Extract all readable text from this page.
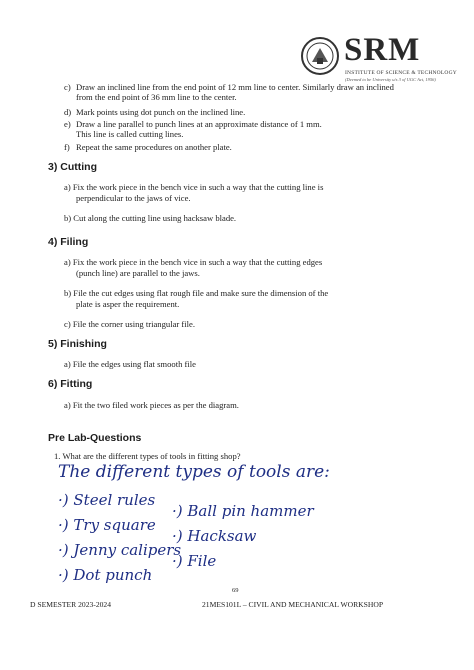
SRM
INSTITUTE OF SCIENCE & TECHNOLOGY
(Deemed to be University u/s 3 of UGC Act, 1956)
c) Draw an inclined line from the end point of 12 mm line to center. Similarly draw an inclined
from the end point of 36 mm line to the center.
d) Mark points using dot punch on the inclined line.
e) Draw a line parallel to punch lines at an approximate distance of 1 mm.
This line is called cutting lines.
f) Repeat the same procedures on another plate.
3) Cutting
a) Fix the work piece in the bench vice in such a way that the cutting line is
perpendicular to the jaws of vice.
b) Cut along the cutting line using hacksaw blade.
4) Filing
a) Fix the work piece in the bench vice in such a way that the cutting edges
(punch line) are parallel to the jaws.
b) File the cut edges using flat rough file and make sure the dimension of the
plate is asper the requirement.
c) File the corner using triangular file.
5) Finishing
a) File the edges using flat smooth file
6) Fitting
a) Fit the two filed work pieces as per the diagram.
Pre Lab-Questions
1. What are the different types of tools in fitting shop?
The different types of tools are:
·) Steel rules
·) Try square
·) Jenny calipers
·) Dot punch
·) Ball pin hammer
·) Hacksaw
·) File
69
D SEMESTER 2023-2024	21MES101L – CIVIL AND MECHANICAL WORKSHOP
